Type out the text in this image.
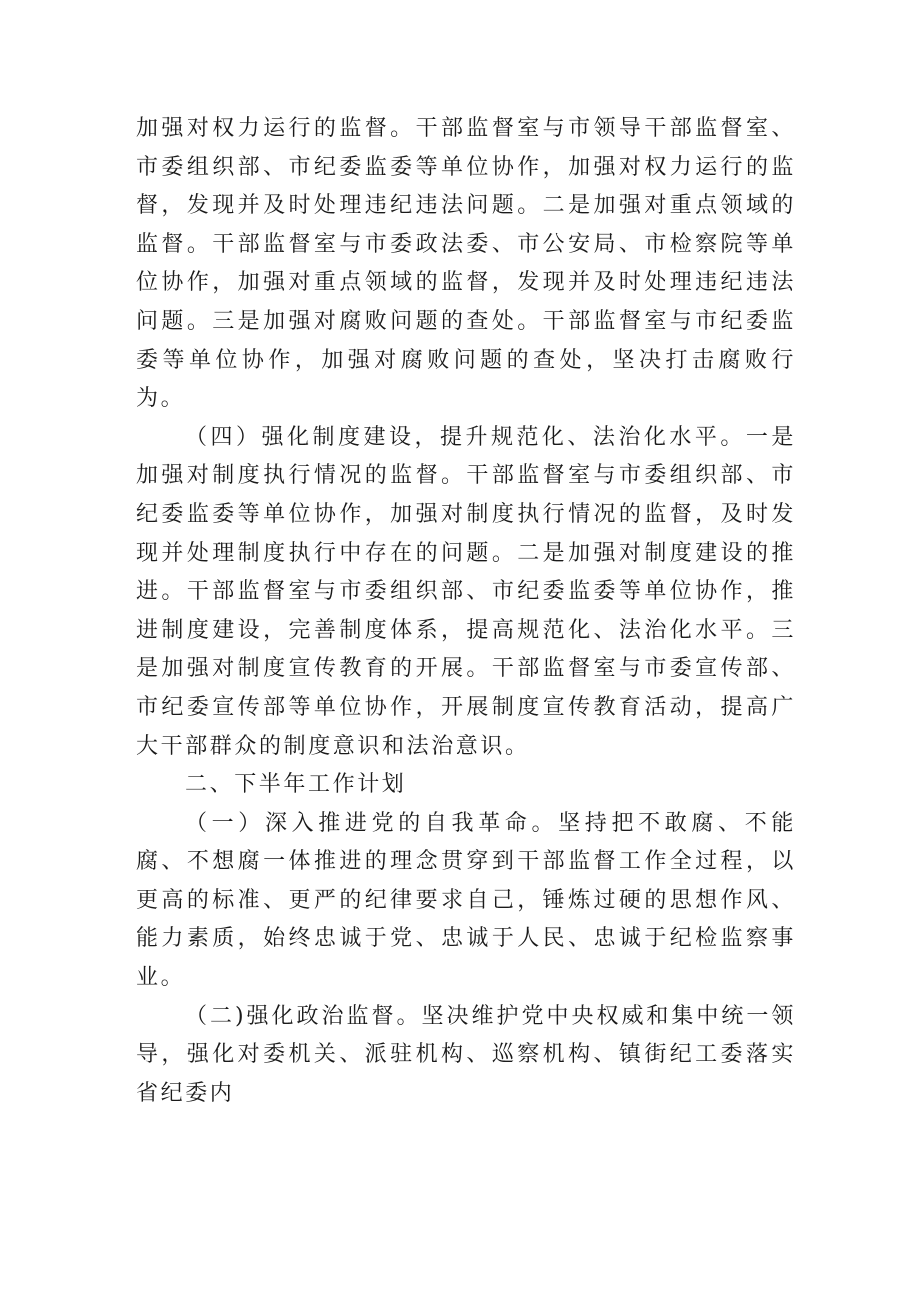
加强对权力运行的监督。干部监督室与市领导干部监督室、市委组织部、市纪委监委等单位协作，加强对权力运行的监督，发现并及时处理违纪违法问题。二是加强对重点领域的监督。干部监督室与市委政法委、市公安局、市检察院等单位协作，加强对重点领域的监督，发现并及时处理违纪违法问题。三是加强对腐败问题的查处。干部监督室与市纪委监委等单位协作，加强对腐败问题的查处，坚决打击腐败行为。

（四）强化制度建设，提升规范化、法治化水平。一是加强对制度执行情况的监督。干部监督室与市委组织部、市纪委监委等单位协作，加强对制度执行情况的监督，及时发现并处理制度执行中存在的问题。二是加强对制度建设的推进。干部监督室与市委组织部、市纪委监委等单位协作，推进制度建设，完善制度体系，提高规范化、法治化水平。三是加强对制度宣传教育的开展。干部监督室与市委宣传部、市纪委宣传部等单位协作，开展制度宣传教育活动，提高广大干部群众的制度意识和法治意识。

二、下半年工作计划

（一）深入推进党的自我革命。坚持把不敢腐、不能腐、不想腐一体推进的理念贯穿到干部监督工作全过程，以更高的标准、更严的纪律要求自己，锤炼过硬的思想作风、能力素质，始终忠诚于党、忠诚于人民、忠诚于纪检监察事业。

（二)强化政治监督。坚决维护党中央权威和集中统一领导，强化对委机关、派驻机构、巡察机构、镇街纪工委落实省纪委内
